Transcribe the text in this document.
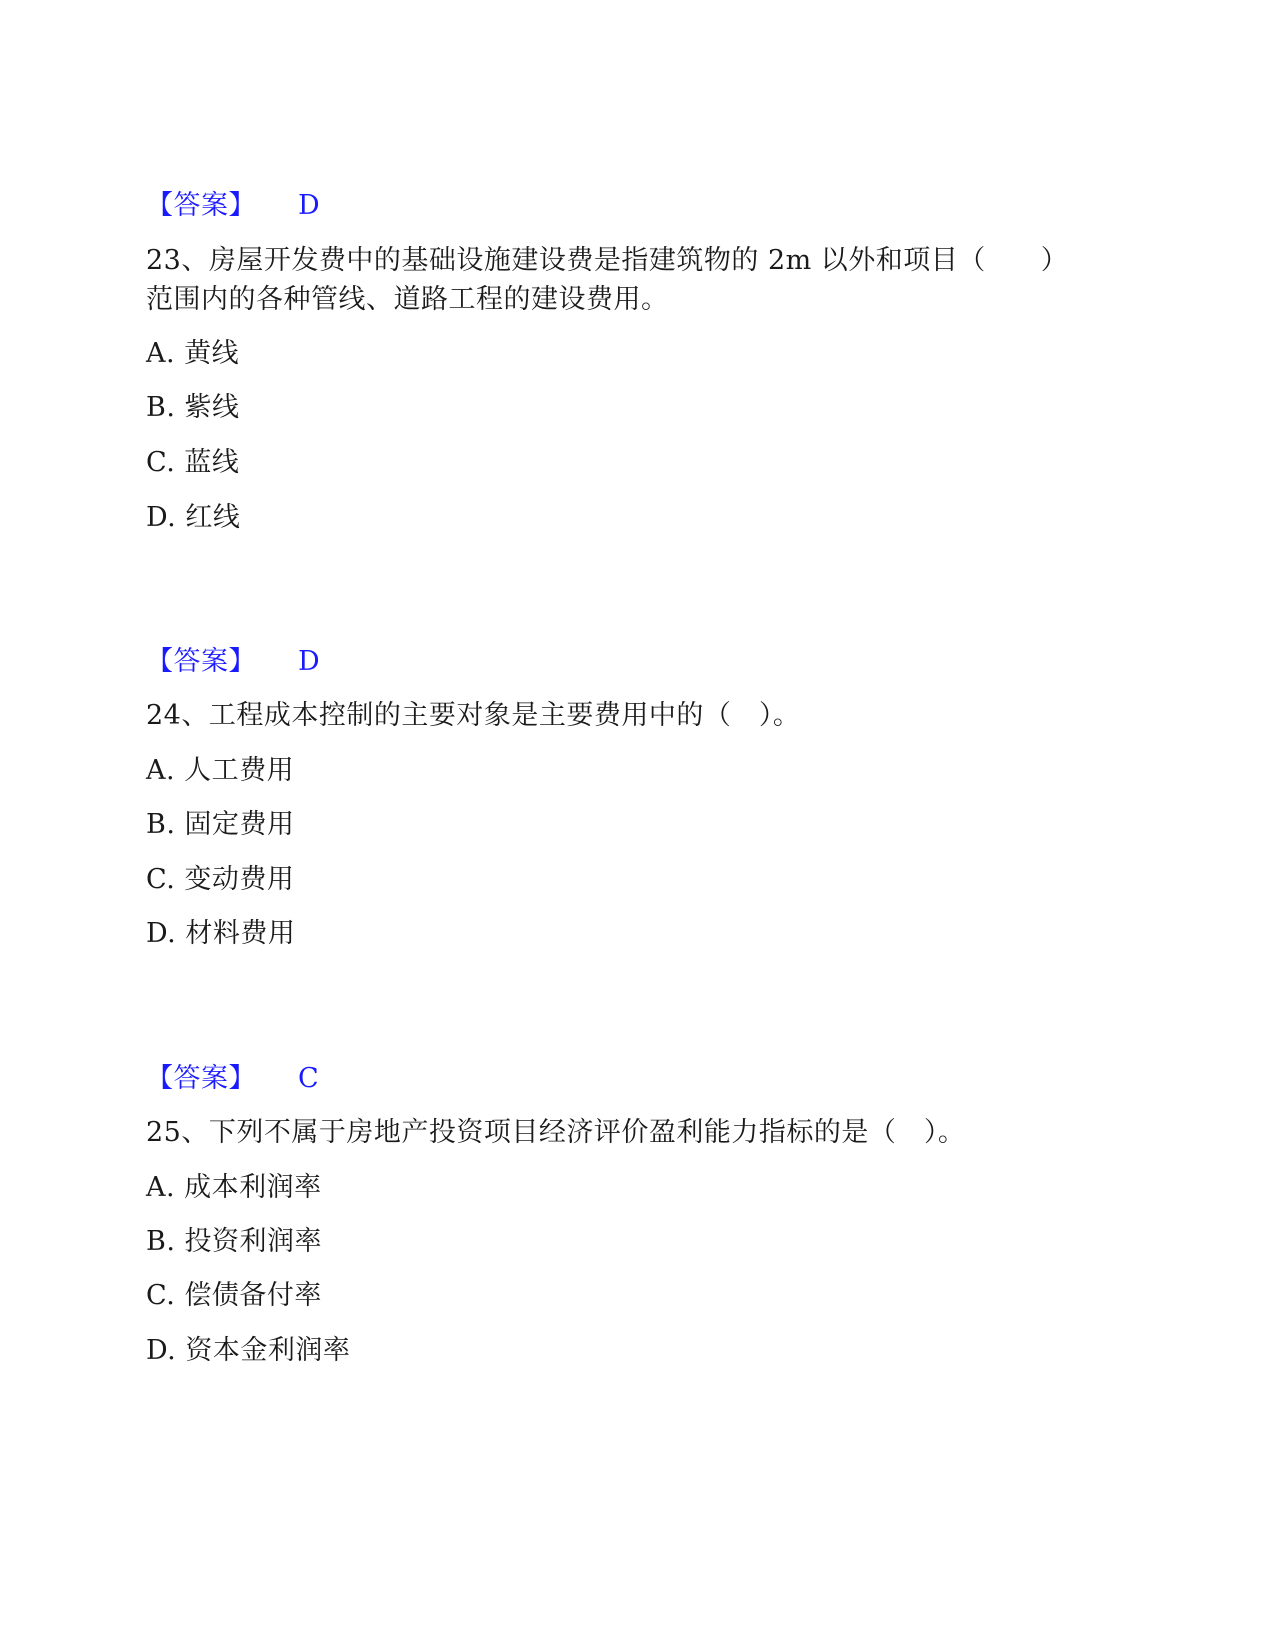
【答案】 D
23、房屋开发费中的基础设施建设费是指建筑物的 2m 以外和项目（　　）
范围内的各种管线、道路工程的建设费用。
A. 黄线
B. 紫线
C. 蓝线
D. 红线
【答案】 D
24、工程成本控制的主要对象是主要费用中的（　）。
A. 人工费用
B. 固定费用
C. 变动费用
D. 材料费用
【答案】 C
25、下列不属于房地产投资项目经济评价盈利能力指标的是（　）。
A. 成本利润率
B. 投资利润率
C. 偿债备付率
D. 资本金利润率
